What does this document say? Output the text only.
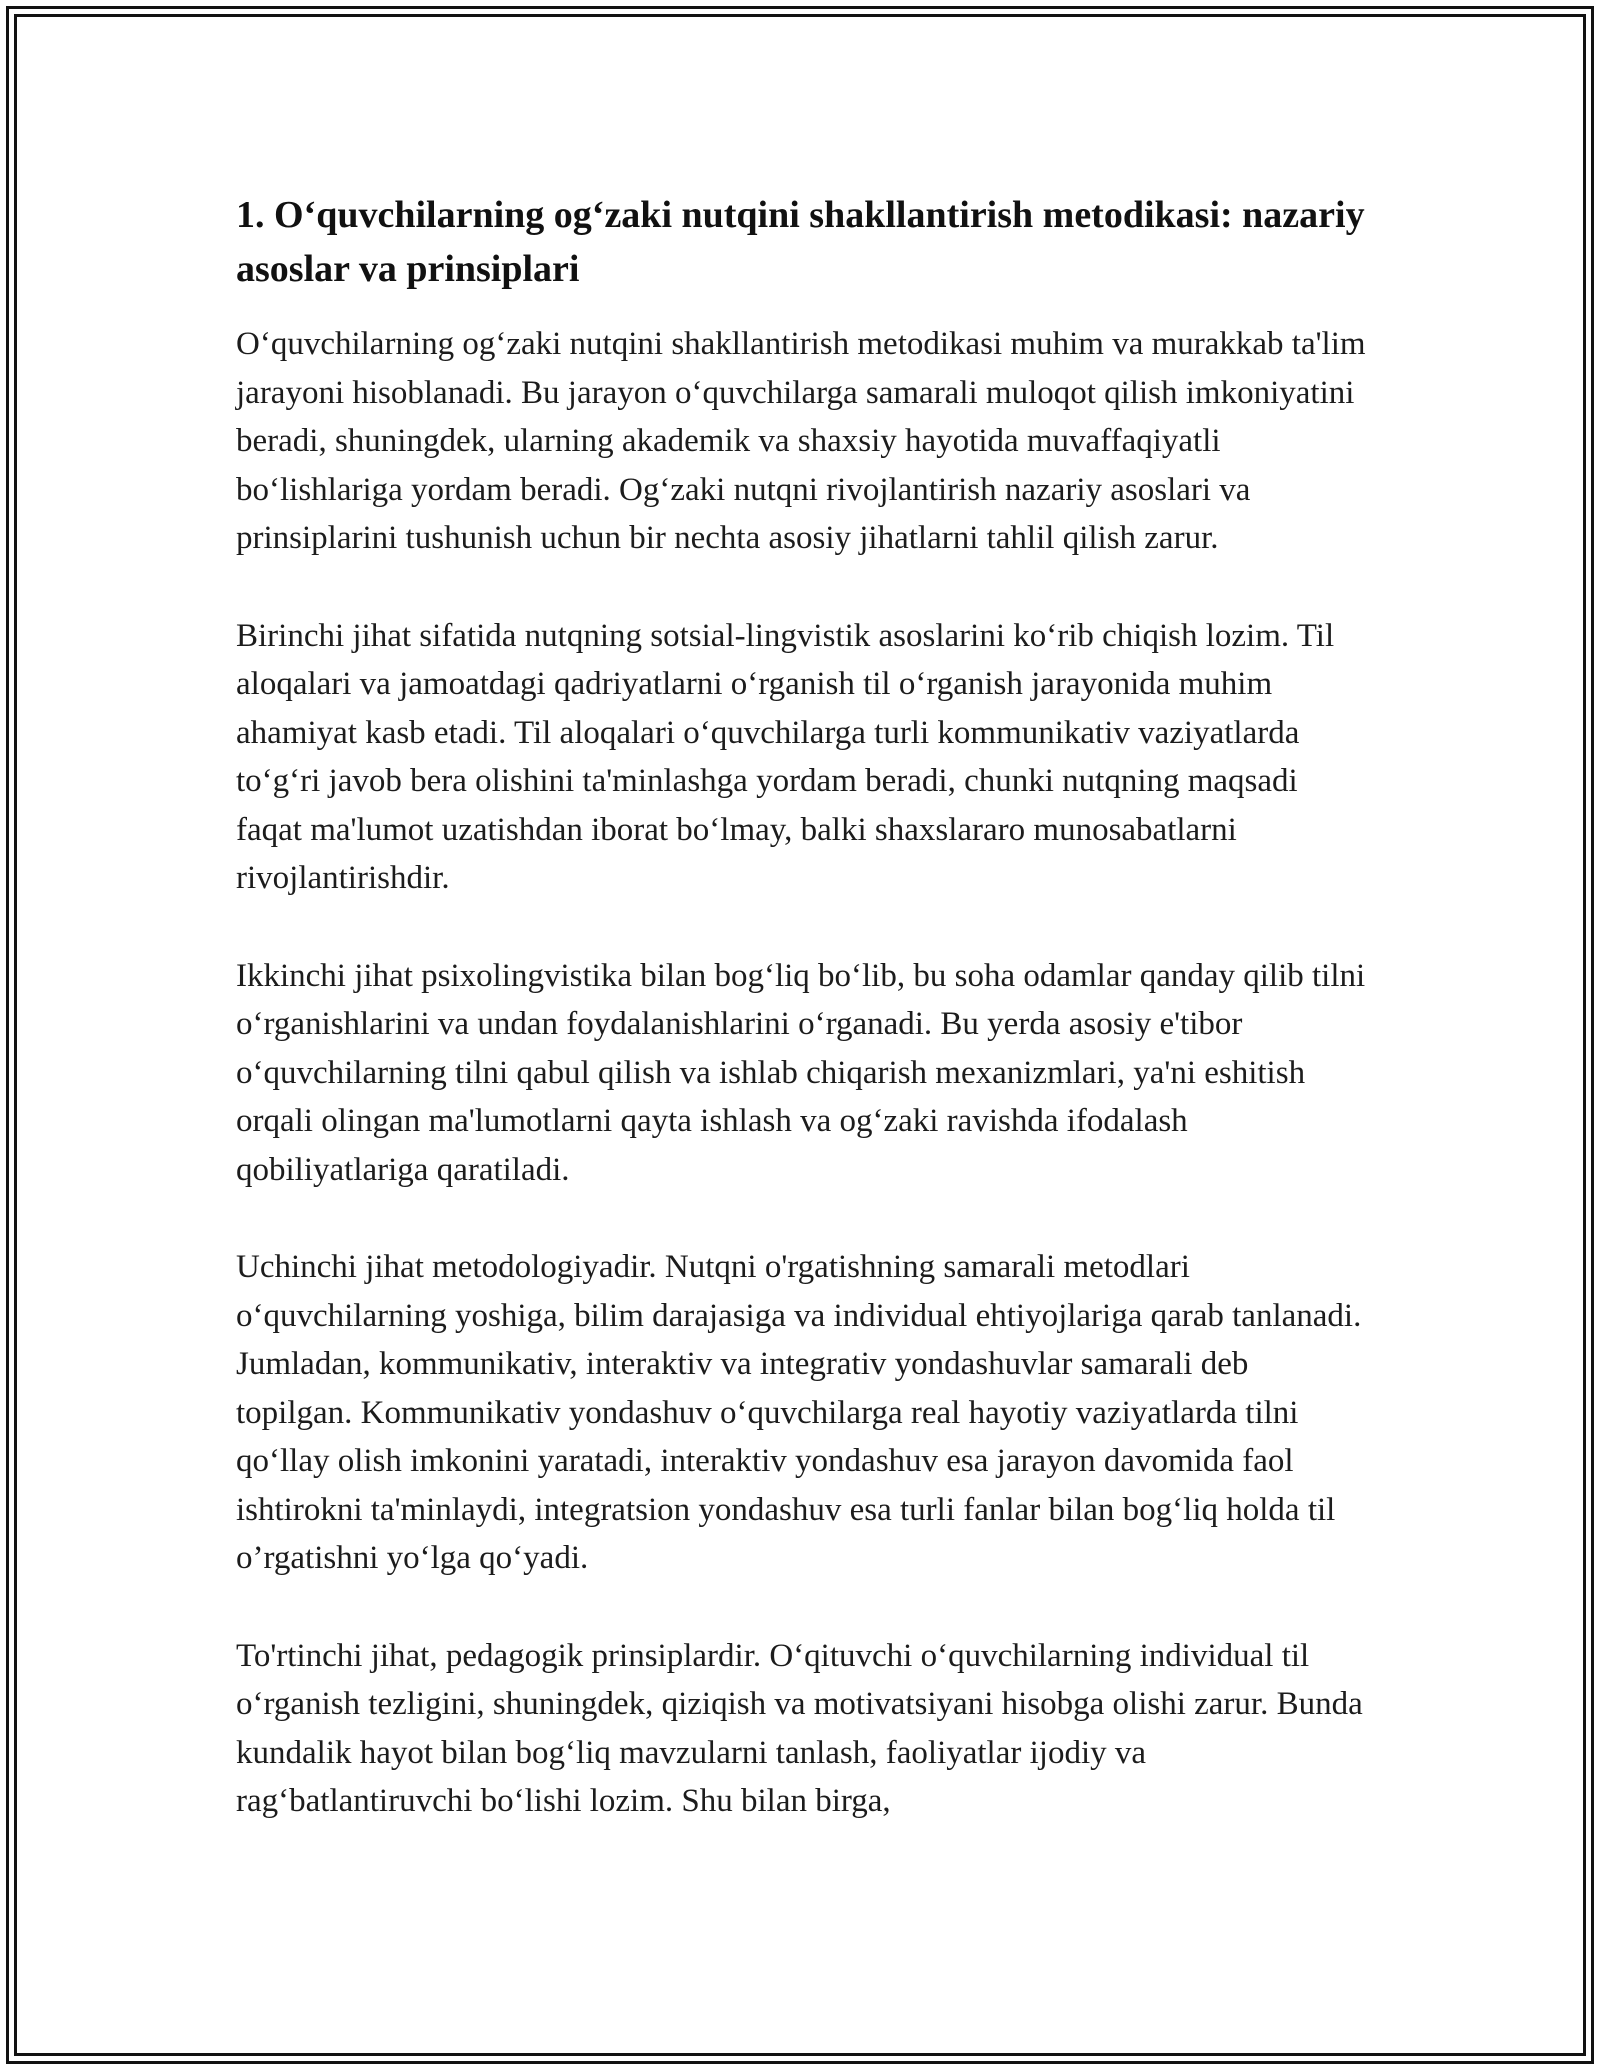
1. O‘quvchilarning og‘zaki nutqini shakllantirish metodikasi: nazariy asoslar va prinsiplari

O‘quvchilarning og‘zaki nutqini shakllantirish metodikasi muhim va murakkab ta'lim jarayoni hisoblanadi. Bu jarayon o‘quvchilarga samarali muloqot qilish imkoniyatini beradi, shuningdek, ularning akademik va shaxsiy hayotida muvaffaqiyatli bo‘lishlariga yordam beradi. Og‘zaki nutqni rivojlantirish nazariy asoslari va prinsiplarini tushunish uchun bir nechta asosiy jihatlarni tahlil qilish zarur.

Birinchi jihat sifatida nutqning sotsial-lingvistik asoslarini ko‘rib chiqish lozim. Til aloqalari va jamoatdagi qadriyatlarni o‘rganish til o‘rganish jarayonida muhim ahamiyat kasb etadi. Til aloqalari o‘quvchilarga turli kommunikativ vaziyatlarda to‘g‘ri javob bera olishini ta'minlashga yordam beradi, chunki nutqning maqsadi faqat ma'lumot uzatishdan iborat bo‘lmay, balki shaxslararo munosabatlarni rivojlantirishdir.

Ikkinchi jihat psixolingvistika bilan bog‘liq bo‘lib, bu soha odamlar qanday qilib tilni o‘rganishlarini va undan foydalanishlarini o‘rganadi. Bu yerda asosiy e'tibor o‘quvchilarning tilni qabul qilish va ishlab chiqarish mexanizmlari, ya'ni eshitish orqali olingan ma'lumotlarni qayta ishlash va og‘zaki ravishda ifodalash qobiliyatlariga qaratiladi.

Uchinchi jihat metodologiyadir. Nutqni o'rgatishning samarali metodlari o‘quvchilarning yoshiga, bilim darajasiga va individual ehtiyojlariga qarab tanlanadi. Jumladan, kommunikativ, interaktiv va integrativ yondashuvlar samarali deb topilgan. Kommunikativ yondashuv o‘quvchilarga real hayotiy vaziyatlarda tilni qo‘llay olish imkonini yaratadi, interaktiv yondashuv esa jarayon davomida faol ishtirokni ta'minlaydi, integratsion yondashuv esa turli fanlar bilan bog‘liq holda til o’rgatishni yo‘lga qo‘yadi.

To'rtinchi jihat, pedagogik prinsiplardir. O‘qituvchi o‘quvchilarning individual til o‘rganish tezligini, shuningdek, qiziqish va motivatsiyani hisobga olishi zarur. Bunda kundalik hayot bilan bog‘liq mavzularni tanlash, faoliyatlar ijodiy va rag‘batlantiruvchi bo‘lishi lozim. Shu bilan birga,
